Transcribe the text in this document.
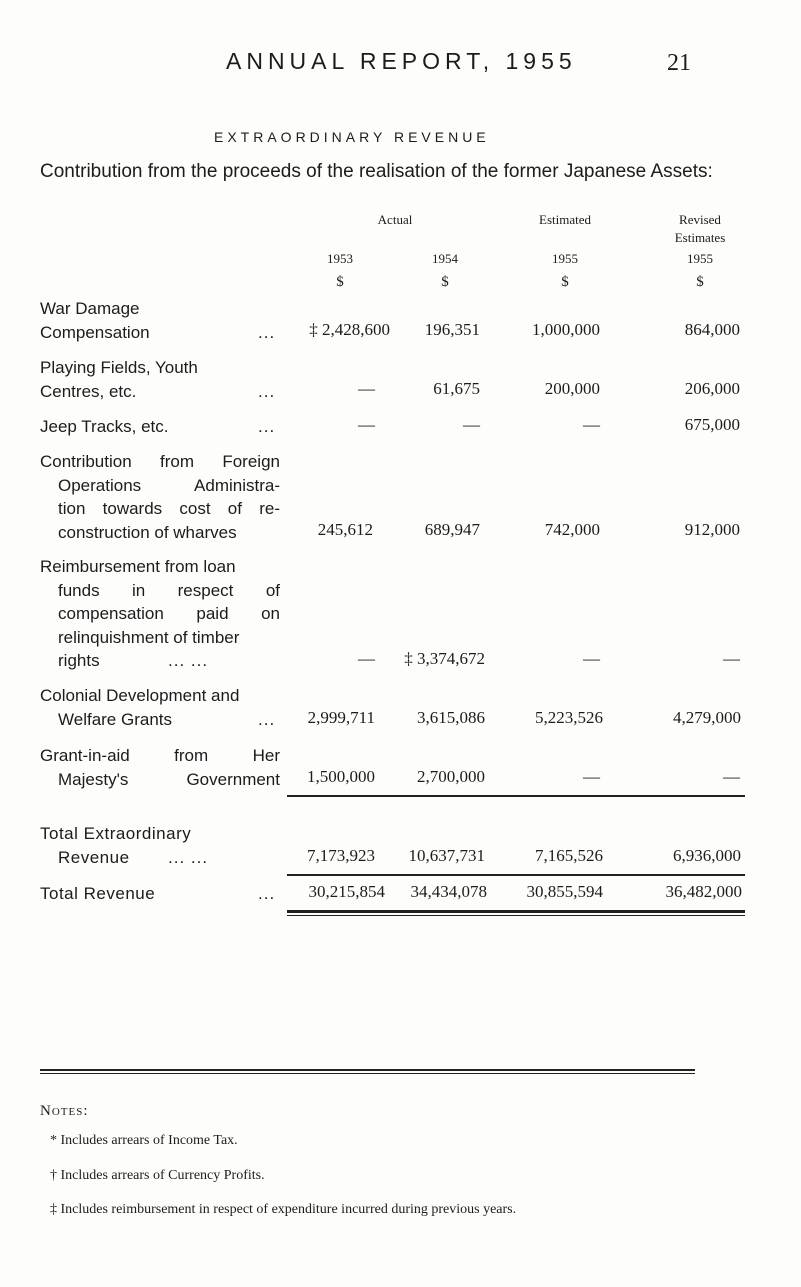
ANNUAL REPORT, 1955	21
EXTRAORDINARY REVENUE
Contribution from the proceeds of the realisation of the former Japanese Assets:
Actual	Estimated	Revised
Estimates
1953	1954	1955	1955
$	$	$	$
War Damage
Compensation	...	‡ 2,428,600	196,351	1,000,000	864,000
Playing Fields, Youth
Centres, etc.	...	—	61,675	200,000	206,000
Jeep Tracks, etc.	...	—	—	—	675,000
Contribution from Foreign
Operations Administra-
tion towards cost of re-
construction of wharves	245,612	689,947	742,000	912,000
Reimbursement from loan
funds in respect of
compensation paid on
relinquishment of timber
rights	... ...	—	‡ 3,374,672	—	—
Colonial Development and
Welfare Grants	...	2,999,711	3,615,086	5,223,526	4,279,000
Grant-in-aid from Her
Majesty's Government	1,500,000	2,700,000	—	—
Total Extraordinary
Revenue ... ...	7,173,923	10,637,731	7,165,526	6,936,000
Total Revenue	...	30,215,854	34,434,078	30,855,594	36,482,000
Notes:
* Includes arrears of Income Tax.
† Includes arrears of Currency Profits.
‡ Includes reimbursement in respect of expenditure incurred during previous years.
